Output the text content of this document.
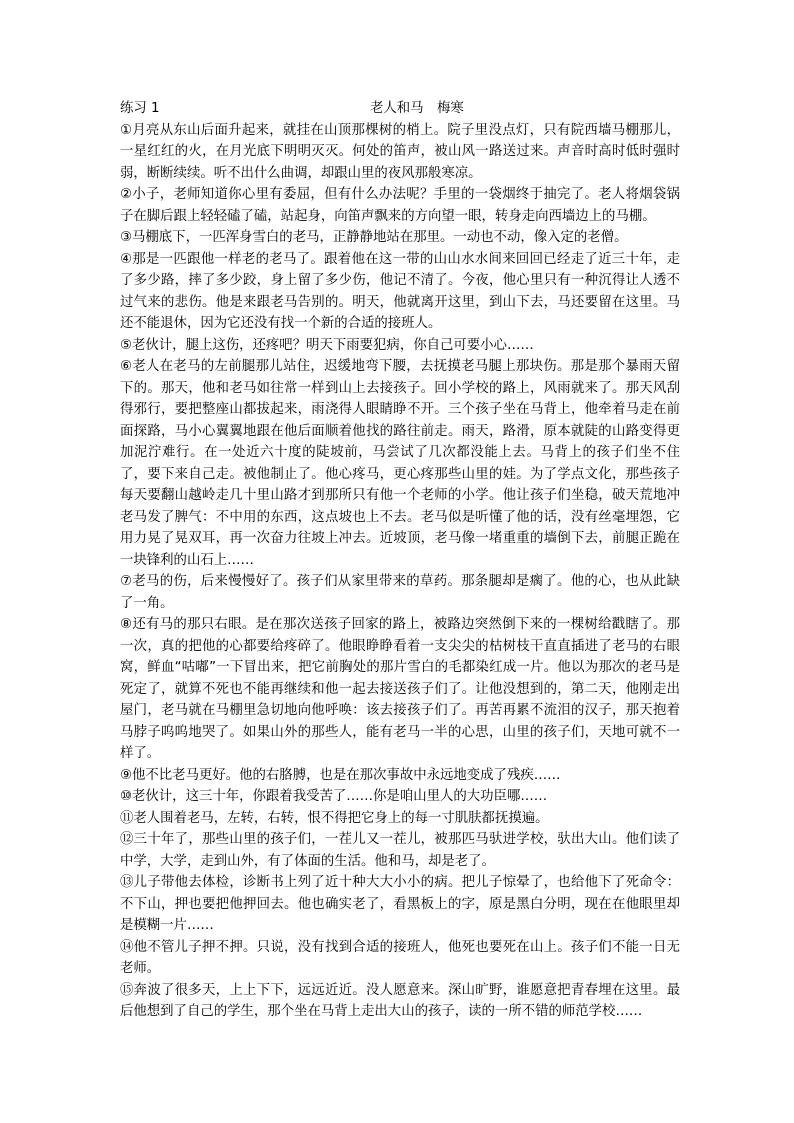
练习 1	老人和马　梅寒

①月亮从东山后面升起来，就挂在山顶那棵树的梢上。院子里没点灯，只有院西墙马棚那儿，一星红红的火，在月光底下明明灭灭。何处的笛声，被山风一路送过来。声音时高时低时强时弱，断断续续。听不出什么曲调，却跟山里的夜风那般寒凉。

②小子，老师知道你心里有委屈，但有什么办法呢？手里的一袋烟终于抽完了。老人将烟袋锅子在脚后跟上轻轻磕了磕，站起身，向笛声飘来的方向望一眼，转身走向西墙边上的马棚。

③马棚底下，一匹浑身雪白的老马，正静静地站在那里。一动也不动，像入定的老僧。

④那是一匹跟他一样老的老马了。跟着他在这一带的山山水水间来回回已经走了近三十年，走了多少路，摔了多少跤，身上留了多少伤，他记不清了。今夜，他心里只有一种沉得让人透不过气来的悲伤。他是来跟老马告别的。明天，他就离开这里，到山下去，马还要留在这里。马还不能退休，因为它还没有找一个新的合适的接班人。

⑤老伙计，腿上这伤，还疼吧？明天下雨要犯病，你自己可要小心……

⑥老人在老马的左前腿那儿站住，迟缓地弯下腰，去抚摸老马腿上那块伤。那是那个暴雨天留下的。那天，他和老马如往常一样到山上去接孩子。回小学校的路上，风雨就来了。那天风刮得邪行，要把整座山都拔起来，雨浇得人眼睛睁不开。三个孩子坐在马背上，他牵着马走在前面探路，马小心翼翼地跟在他后面顺着他找的路往前走。雨天，路滑，原本就陡的山路变得更加泥泞难行。在一处近六十度的陡坡前，马尝试了几次都没能上去。马背上的孩子们坐不住了，要下来自己走。被他制止了。他心疼马，更心疼那些山里的娃。为了学点文化，那些孩子每天要翻山越岭走几十里山路才到那所只有他一个老师的小学。他让孩子们坐稳，破天荒地冲老马发了脾气：不中用的东西，这点坡也上不去。老马似是听懂了他的话，没有丝毫埋怨，它用力晃了晃双耳，再一次奋力往坡上冲去。近坡顶，老马像一堵重重的墙倒下去，前腿正跪在一块锋利的山石上……

⑦老马的伤，后来慢慢好了。孩子们从家里带来的草药。那条腿却是瘸了。他的心，也从此缺了一角。

⑧还有马的那只右眼。是在那次送孩子回家的路上，被路边突然倒下来的一棵树给戳瞎了。那一次，真的把他的心都要给疼碎了。他眼睁睁看着一支尖尖的枯树枝干直直插进了老马的右眼窝，鲜血“咕嘟”一下冒出来，把它前胸处的那片雪白的毛都染红成一片。他以为那次的老马是死定了，就算不死也不能再继续和他一起去接送孩子们了。让他没想到的，第二天，他刚走出屋门，老马就在马棚里急切地向他呼唤：该去接孩子们了。再苦再累不流泪的汉子，那天抱着马脖子呜呜地哭了。如果山外的那些人，能有老马一半的心思，山里的孩子们，天地可就不一样了。

⑨他不比老马更好。他的右胳膊，也是在那次事故中永远地变成了残疾……

⑩老伙计，这三十年，你跟着我受苦了……你是咱山里人的大功臣哪……

⑪老人围着老马，左转，右转，恨不得把它身上的每一寸肌肤都抚摸遍。

⑫三十年了，那些山里的孩子们，一茬儿又一茬儿，被那匹马驮进学校，驮出大山。他们读了中学，大学，走到山外，有了体面的生活。他和马，却是老了。

⑬儿子带他去体检，诊断书上列了近十种大大小小的病。把儿子惊晕了，也给他下了死命令：不下山，押也要把他押回去。他也确实老了，看黑板上的字，原是黑白分明，现在在他眼里却是模糊一片……

⑭他不管儿子押不押。只说，没有找到合适的接班人，他死也要死在山上。孩子们不能一日无老师。

⑮奔波了很多天，上上下下，远远近近。没人愿意来。深山旷野，谁愿意把青春埋在这里。最后他想到了自己的学生，那个坐在马背上走出大山的孩子，读的一所不错的师范学校……
